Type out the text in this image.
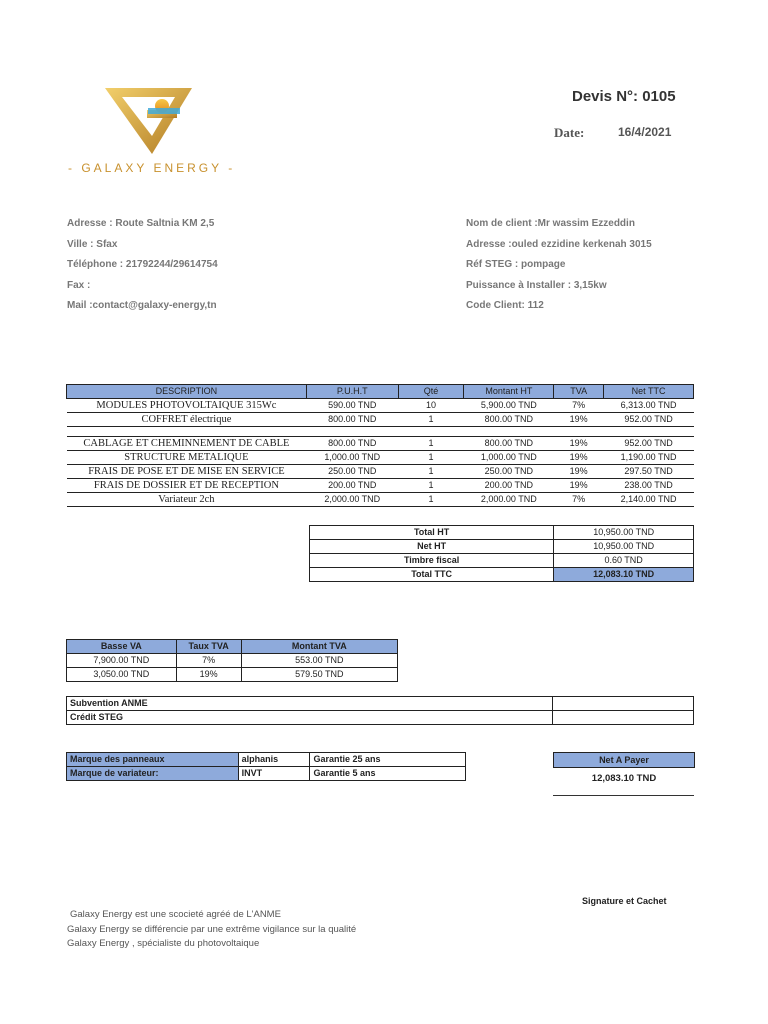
- GALAXY ENERGY -
Devis N°: 0105
Date:	16/4/2021
Adresse : Route Saltnia KM 2,5
Ville : Sfax
Téléphone : 21792244/29614754
Fax :
Mail :contact@galaxy-energy,tn
Nom de client :Mr wassim Ezzeddin
Adresse :ouled ezzidine kerkenah 3015
Réf STEG : pompage
Puissance à Installer : 3,15kw
Code Client: 112
DESCRIPTION	P.U.H.T	Qté	Montant HT	TVA	Net TTC
MODULES PHOTOVOLTAIQUE 315Wc	590.00 TND	10	5,900.00 TND	7%	6,313.00 TND
COFFRET électrique	800.00 TND	1	800.00 TND	19%	952.00 TND

CABLAGE ET CHEMINNEMENT DE CABLE	800.00 TND	1	800.00 TND	19%	952.00 TND
STRUCTURE METALIQUE	1,000.00 TND	1	1,000.00 TND	19%	1,190.00 TND
FRAIS DE POSE ET DE MISE EN SERVICE	250.00 TND	1	250.00 TND	19%	297.50 TND
FRAIS DE DOSSIER ET DE RECEPTION	200.00 TND	1	200.00 TND	19%	238.00 TND
Variateur 2ch	2,000.00 TND	1	2,000.00 TND	7%	2,140.00 TND
Total HT	10,950.00 TND
Net HT	10,950.00 TND
Timbre fiscal	0.60 TND
Total TTC	12,083.10 TND
Basse VA	Taux TVA	Montant TVA
7,900.00 TND	7%	553.00 TND
3,050.00 TND	19%	579.50 TND
Subvention ANME	
Crédit STEG	
Marque des panneaux	alphanis	Garantie 25 ans
Marque de variateur:	INVT	Garantie 5 ans
Net A Payer
12,083.10 TND
Signature et Cachet
Galaxy Energy est une scocieté agréé de L'ANME
Galaxy Energy se différencie par une extrême vigilance sur la qualité
Galaxy Energy , spécialiste du photovoltaique
